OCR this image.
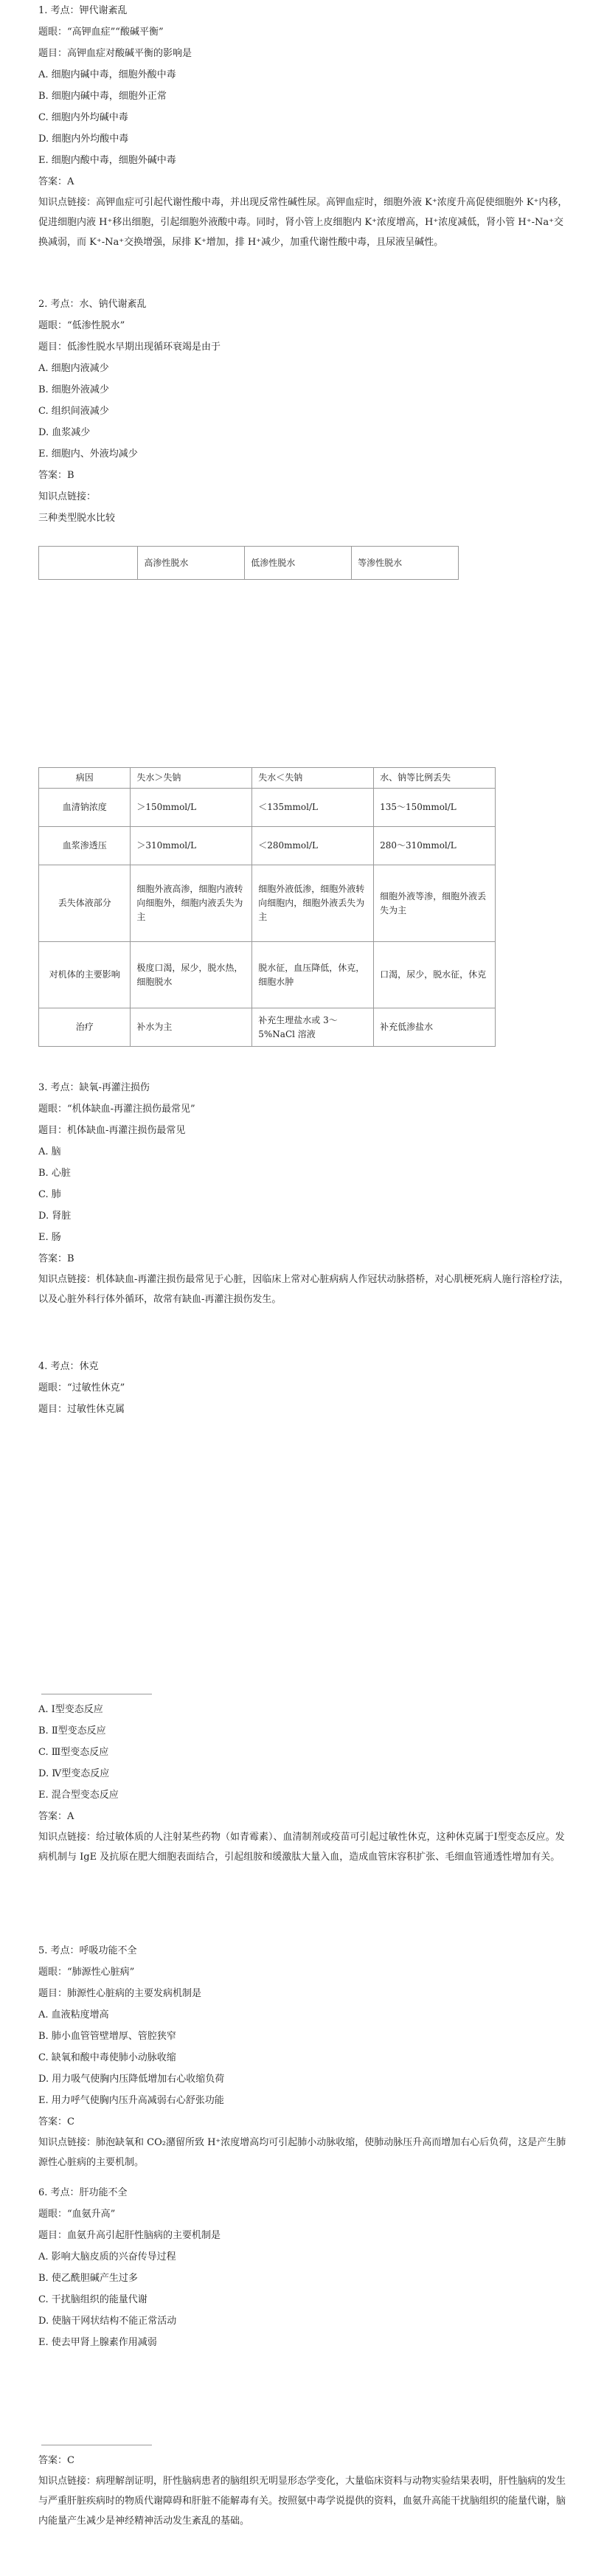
1. 考点：钾代谢紊乱

题眼：“高钾血症”“酸碱平衡”

题目：高钾血症对酸碱平衡的影响是

A. 细胞内碱中毒，细胞外酸中毒

B. 细胞内碱中毒，细胞外正常

C. 细胞内外均碱中毒

D. 细胞内外均酸中毒

E. 细胞内酸中毒，细胞外碱中毒

答案：A

知识点链接：高钾血症可引起代谢性酸中毒，并出现反常性碱性尿。高钾血症时，细胞外液 K⁺浓度升高促使细胞外 K⁺内移，促进细胞内液 H⁺移出细胞，引起细胞外液酸中毒。同时，肾小管上皮细胞内 K⁺浓度增高，H⁺浓度减低，肾小管 H⁺-Na⁺交换减弱，而 K⁺-Na⁺交换增强，尿排 K⁺增加，排 H⁺减少，加重代谢性酸中毒，且尿液呈碱性。

2. 考点：水、钠代谢紊乱

题眼：“低渗性脱水”

题目：低渗性脱水早期出现循环衰竭是由于

A. 细胞内液减少

B. 细胞外液减少

C. 组织间液减少

D. 血浆减少

E. 细胞内、外液均减少

答案：B

知识点链接：

三种类型脱水比较

	高渗性脱水	低渗性脱水	等渗性脱水
病因	失水＞失钠	失水＜失钠	水、钠等比例丢失
血清钠浓度	＞150mmol/L	＜135mmol/L	135～150mmol/L
血浆渗透压	＞310mmol/L	＜280mmol/L	280～310mmol/L
丢失体液部分	细胞外液高渗，细胞内液转向细胞外，细胞内液丢失为主	细胞外液低渗，细胞外液转向细胞内，细胞外液丢失为主	细胞外液等渗，细胞外液丢失为主
对机体的主要影响	极度口渴，尿少，脱水热，细胞脱水	脱水征，血压降低，休克，细胞水肿	口渴，尿少，脱水征，休克
治疗	补水为主	补充生理盐水或 3～5%NaCl 溶液	补充低渗盐水

3. 考点：缺氧-再灌注损伤

题眼：“机体缺血-再灌注损伤最常见”

题目：机体缺血-再灌注损伤最常见

A. 脑

B. 心脏

C. 肺

D. 肾脏

E. 肠

答案：B

知识点链接：机体缺血-再灌注损伤最常见于心脏，因临床上常对心脏病病人作冠状动脉搭桥，对心肌梗死病人施行溶栓疗法，以及心脏外科行体外循环，故常有缺血-再灌注损伤发生。

4. 考点：休克

题眼：“过敏性休克”

题目：过敏性休克属

A. Ⅰ型变态反应

B. Ⅱ型变态反应

C. Ⅲ型变态反应

D. Ⅳ型变态反应

E. 混合型变态反应

答案：A

知识点链接：给过敏体质的人注射某些药物（如青霉素）、血清制剂或疫苗可引起过敏性休克，这种休克属于Ⅰ型变态反应。发病机制与 IgE 及抗原在肥大细胞表面结合，引起组胺和缓激肽大量入血，造成血管床容积扩张、毛细血管通透性增加有关。

5. 考点：呼吸功能不全

题眼：“肺源性心脏病”

题目：肺源性心脏病的主要发病机制是

A. 血液粘度增高

B. 肺小血管管壁增厚、管腔狭窄

C. 缺氧和酸中毒使肺小动脉收缩

D. 用力吸气使胸内压降低增加右心收缩负荷

E. 用力呼气使胸内压升高减弱右心舒张功能

答案：C

知识点链接：肺泡缺氧和 CO₂潴留所致 H⁺浓度增高均可引起肺小动脉收缩，使肺动脉压升高而增加右心后负荷，这是产生肺源性心脏病的主要机制。

6. 考点：肝功能不全

题眼：“血氨升高”

题目：血氨升高引起肝性脑病的主要机制是

A. 影响大脑皮质的兴奋传导过程

B. 使乙酰胆碱产生过多

C. 干扰脑组织的能量代谢

D. 使脑干网状结构不能正常活动

E. 使去甲肾上腺素作用减弱

答案：C

知识点链接：病理解剖证明，肝性脑病患者的脑组织无明显形态学变化，大量临床资料与动物实验结果表明，肝性脑病的发生与严重肝脏疾病时的物质代谢障碍和肝脏不能解毒有关。按照氨中毒学说提供的资料，血氨升高能干扰脑组织的能量代谢，脑内能量产生减少是神经精神活动发生紊乱的基础。
